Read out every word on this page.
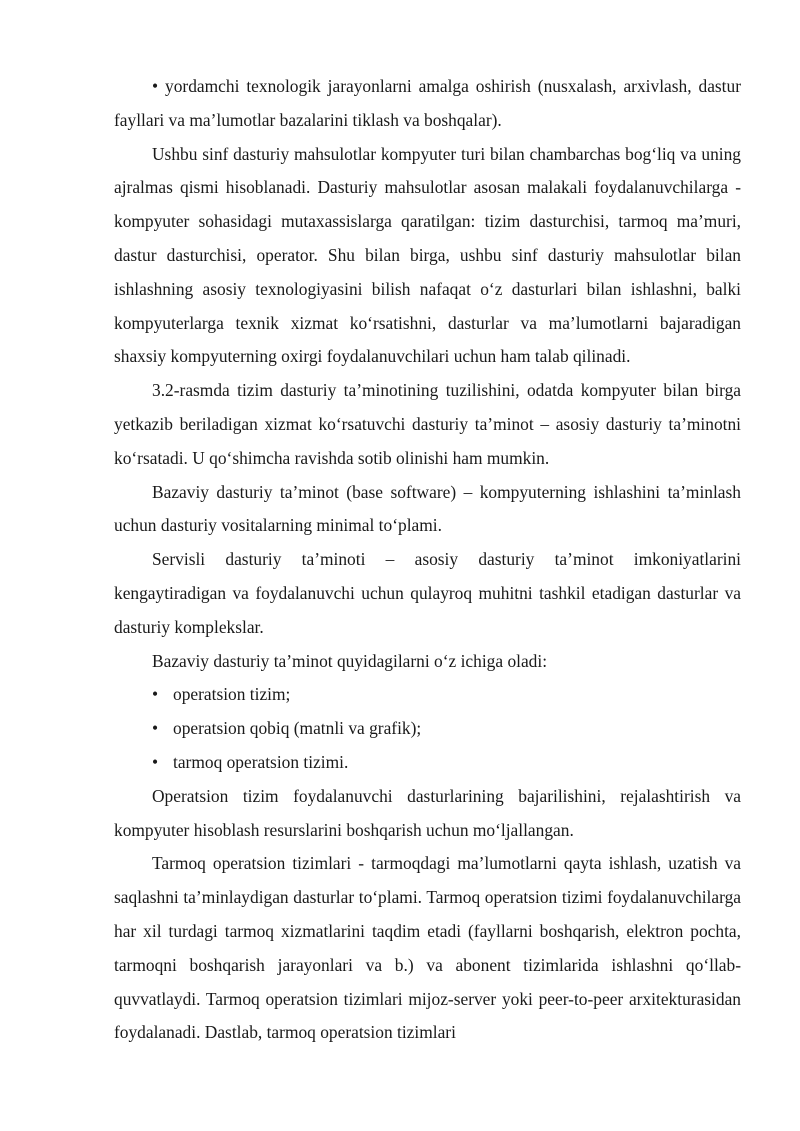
• yordamchi texnologik jarayonlarni amalga oshirish (nusxalash, arxivlash, dastur fayllari va ma’lumotlar bazalarini tiklash va boshqalar).

Ushbu sinf dasturiy mahsulotlar kompyuter turi bilan chambarchas bog‘liq va uning ajralmas qismi hisoblanadi. Dasturiy mahsulotlar asosan malakali foydalanuvchilarga - kompyuter sohasidagi mutaxassislarga qaratilgan: tizim dasturchisi, tarmoq ma’muri, dastur dasturchisi, operator. Shu bilan birga, ushbu sinf dasturiy mahsulotlar bilan ishlashning asosiy texnologiyasini bilish nafaqat o‘z dasturlari bilan ishlashni, balki kompyuterlarga texnik xizmat ko‘rsatishni, dasturlar va ma’lumotlarni bajaradigan shaxsiy kompyuterning oxirgi foydalanuvchilari uchun ham talab qilinadi.

3.2-rasmda tizim dasturiy ta’minotining tuzilishini, odatda kompyuter bilan birga yetkazib beriladigan xizmat ko‘rsatuvchi dasturiy ta’minot – asosiy dasturiy ta’minotni ko‘rsatadi. U qo‘shimcha ravishda sotib olinishi ham mumkin.

Bazaviy dasturiy ta’minot (base software) – kompyuterning ishlashini ta’minlash uchun dasturiy vositalarning minimal to‘plami.

Servisli dasturiy ta’minoti – asosiy dasturiy ta’minot imkoniyatlarini kengaytiradigan va foydalanuvchi uchun qulayroq muhitni tashkil etadigan dasturlar va dasturiy komplekslar.

Bazaviy dasturiy ta’minot quyidagilarni o‘z ichiga oladi:

• operatsion tizim;
• operatsion qobiq (matnli va grafik);
• tarmoq operatsion tizimi.

Operatsion tizim foydalanuvchi dasturlarining bajarilishini, rejalashtirish va kompyuter hisoblash resurslarini boshqarish uchun mo‘ljallangan.

Tarmoq operatsion tizimlari - tarmoqdagi ma’lumotlarni qayta ishlash, uzatish va saqlashni ta’minlaydigan dasturlar to‘plami. Tarmoq operatsion tizimi foydalanuvchilarga har xil turdagi tarmoq xizmatlarini taqdim etadi (fayllarni boshqarish, elektron pochta, tarmoqni boshqarish jarayonlari va b.) va abonent tizimlarida ishlashni qo‘llab-quvvatlaydi. Tarmoq operatsion tizimlari mijoz-server yoki peer-to-peer arxitekturasidan foydalanadi. Dastlab, tarmoq operatsion tizimlari
